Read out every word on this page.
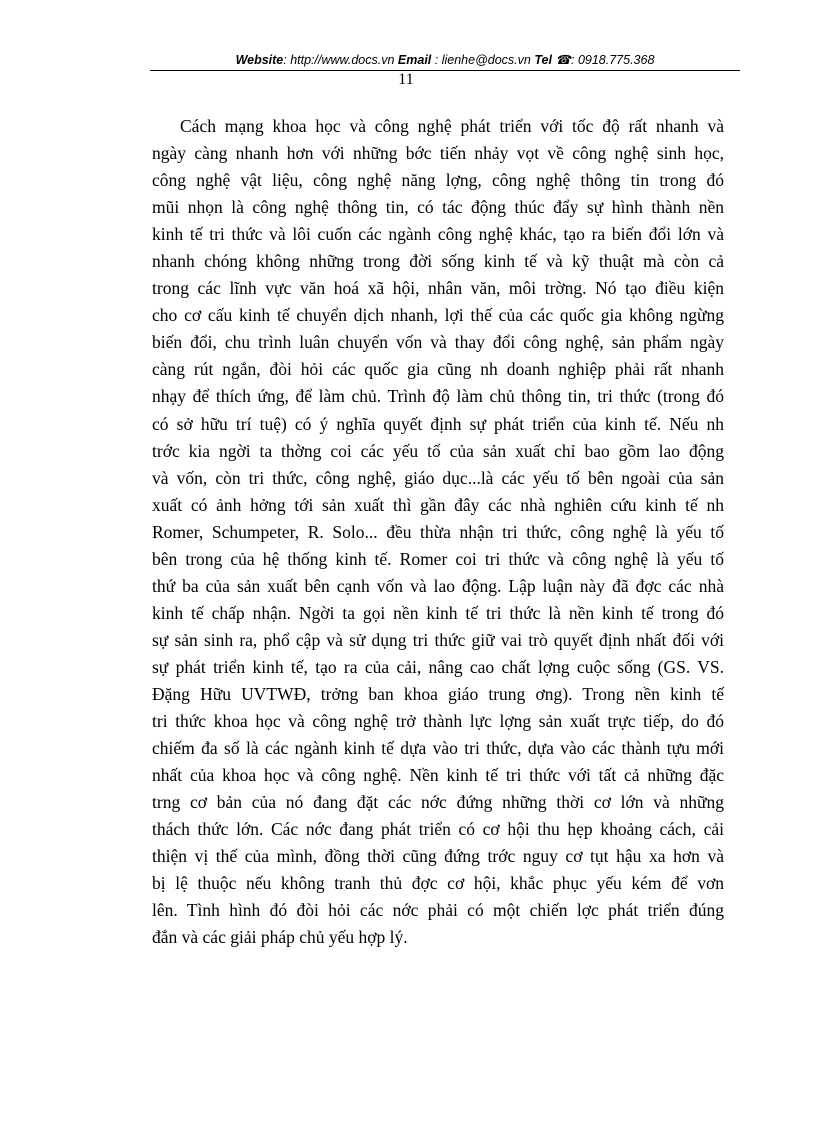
Website: http://www.docs.vn Email : lienhe@docs.vn Tel ☎: 0918.775.368
11
Cách mạng khoa học và công nghệ phát triển với tốc độ rất nhanh và
ngày càng nhanh hơn với những bớc tiến nhảy vọt về công nghệ sinh học,
công nghệ vật liệu, công nghệ năng lợng, công nghệ thông tin trong đó
mũi nhọn là công nghệ thông tin, có tác động thúc đẩy sự hình thành nền
kinh tế tri thức và lôi cuốn các ngành công nghệ khác, tạo ra biến đổi lớn và
nhanh chóng không những trong đời sống kinh tế và kỹ thuật mà còn cả
trong các lĩnh vực văn hoá xã hội, nhân văn, môi trờng. Nó tạo điều kiện
cho cơ cấu kinh tế chuyển dịch nhanh, lợi thế của các quốc gia không ngừng
biến đổi, chu trình luân chuyển vốn và thay đổi công nghệ, sản phẩm ngày
càng rút ngắn, đòi hỏi các quốc gia cũng nh doanh nghiệp phải rất nhanh
nhạy để thích ứng, để làm chủ. Trình độ làm chủ thông tin, tri thức (trong đó
có sở hữu trí tuệ) có ý nghĩa quyết định sự phát triển của kinh tế. Nếu nh
trớc kia ngời ta thờng coi các yếu tố của sản xuất chỉ bao gồm lao động
và vốn, còn tri thức, công nghệ, giáo dục...là các yếu tố bên ngoài của sản
xuất có ảnh hởng tới sản xuất thì gần đây các nhà nghiên cứu kinh tế nh
Romer, Schumpeter, R. Solo... đều thừa nhận tri thức, công nghệ là yếu tố
bên trong của hệ thống kinh tế. Romer coi tri thức và công nghệ là yếu tố
thứ ba của sản xuất bên cạnh vốn và lao động. Lập luận này đã đợc các nhà
kinh tế chấp nhận. Ngời ta gọi nền kinh tế tri thức là nền kinh tế trong đó
sự sản sinh ra, phổ cập và sử dụng tri thức giữ vai trò quyết định nhất đối với
sự phát triển kinh tế, tạo ra của cải, nâng cao chất lợng cuộc sống (GS. VS.
Đặng Hữu UVTWĐ, trởng ban khoa giáo trung ơng). Trong nền kinh tế
tri thức khoa học và công nghệ trở thành lực lợng sản xuất trực tiếp, do đó
chiếm đa số là các ngành kinh tế dựa vào tri thức, dựa vào các thành tựu mới
nhất của khoa học và công nghệ. Nền kinh tế tri thức với tất cả những đặc
trng cơ bản của nó đang đặt các nớc đứng những thời cơ lớn và những
thách thức lớn. Các nớc đang phát triển có cơ hội thu hẹp khoảng cách, cải
thiện vị thế của mình, đồng thời cũng đứng trớc nguy cơ tụt hậu xa hơn và
bị lệ thuộc nếu không tranh thủ đợc cơ hội, khắc phục yếu kém để vơn
lên. Tình hình đó đòi hỏi các nớc phải có một chiến lợc phát triển đúng
đắn và các giải pháp chủ yếu hợp lý.
